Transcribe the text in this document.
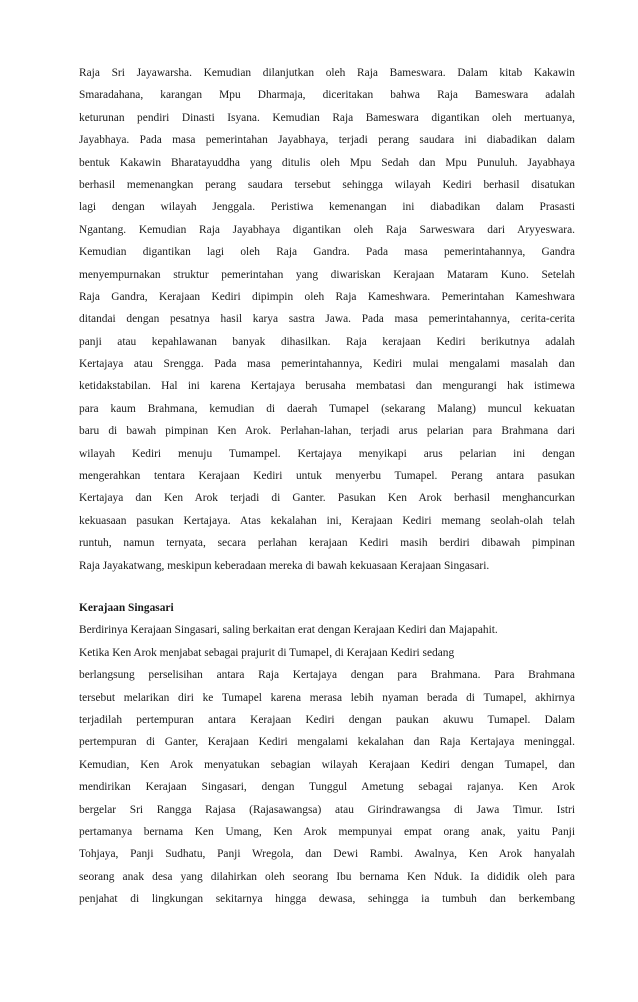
Raja Sri Jayawarsha. Kemudian dilanjutkan oleh Raja Bameswara. Dalam kitab Kakawin
Smaradahana, karangan Mpu Dharmaja, diceritakan bahwa Raja Bameswara adalah
keturunan pendiri Dinasti Isyana. Kemudian Raja Bameswara digantikan oleh mertuanya,
Jayabhaya. Pada masa pemerintahan Jayabhaya, terjadi perang saudara ini diabadikan dalam
bentuk Kakawin Bharatayuddha yang ditulis oleh Mpu Sedah dan Mpu Punuluh. Jayabhaya
berhasil memenangkan perang saudara tersebut sehingga wilayah Kediri berhasil disatukan
lagi dengan wilayah Jenggala. Peristiwa kemenangan ini diabadikan dalam Prasasti
Ngantang. Kemudian Raja Jayabhaya digantikan oleh Raja Sarweswara dari Aryyeswara.
Kemudian digantikan lagi oleh Raja Gandra. Pada masa pemerintahannya, Gandra
menyempurnakan struktur pemerintahan yang diwariskan Kerajaan Mataram Kuno. Setelah
Raja Gandra, Kerajaan Kediri dipimpin oleh Raja Kameshwara. Pemerintahan Kameshwara
ditandai dengan pesatnya hasil karya sastra Jawa. Pada masa pemerintahannya, cerita-cerita
panji atau kepahlawanan banyak dihasilkan. Raja kerajaan Kediri berikutnya adalah
Kertajaya atau Srengga. Pada masa pemerintahannya, Kediri mulai mengalami masalah dan
ketidakstabilan. Hal ini karena Kertajaya berusaha membatasi dan mengurangi hak istimewa
para kaum Brahmana, kemudian di daerah Tumapel (sekarang Malang) muncul kekuatan
baru di bawah pimpinan Ken Arok. Perlahan-lahan, terjadi arus pelarian para Brahmana dari
wilayah Kediri menuju Tumampel. Kertajaya menyikapi arus pelarian ini dengan
mengerahkan tentara Kerajaan Kediri untuk menyerbu Tumapel. Perang antara pasukan
Kertajaya dan Ken Arok terjadi di Ganter. Pasukan Ken Arok berhasil menghancurkan
kekuasaan pasukan Kertajaya. Atas kekalahan ini, Kerajaan Kediri memang seolah-olah telah
runtuh, namun ternyata, secara perlahan kerajaan Kediri masih berdiri dibawah pimpinan
Raja Jayakatwang, meskipun keberadaan mereka di bawah kekuasaan Kerajaan Singasari.
Kerajaan Singasari
Berdirinya Kerajaan Singasari, saling berkaitan erat dengan Kerajaan Kediri dan Majapahit.
Ketika Ken Arok menjabat sebagai prajurit di Tumapel, di Kerajaan Kediri sedang
berlangsung perselisihan antara Raja Kertajaya dengan para Brahmana. Para Brahmana
tersebut melarikan diri ke Tumapel karena merasa lebih nyaman berada di Tumapel, akhirnya
terjadilah pertempuran antara Kerajaan Kediri dengan paukan akuwu Tumapel. Dalam
pertempuran di Ganter, Kerajaan Kediri mengalami kekalahan dan Raja Kertajaya meninggal.
Kemudian, Ken Arok menyatukan sebagian wilayah Kerajaan Kediri dengan Tumapel, dan
mendirikan Kerajaan Singasari, dengan Tunggul Ametung sebagai rajanya. Ken Arok
bergelar Sri Rangga Rajasa (Rajasawangsa) atau Girindrawangsa di Jawa Timur. Istri
pertamanya bernama Ken Umang, Ken Arok mempunyai empat orang anak, yaitu Panji
Tohjaya, Panji Sudhatu, Panji Wregola, dan Dewi Rambi. Awalnya, Ken Arok hanyalah
seorang anak desa yang dilahirkan oleh seorang Ibu bernama Ken Nduk. Ia dididik oleh para
penjahat di lingkungan sekitarnya hingga dewasa, sehingga ia tumbuh dan berkembang
